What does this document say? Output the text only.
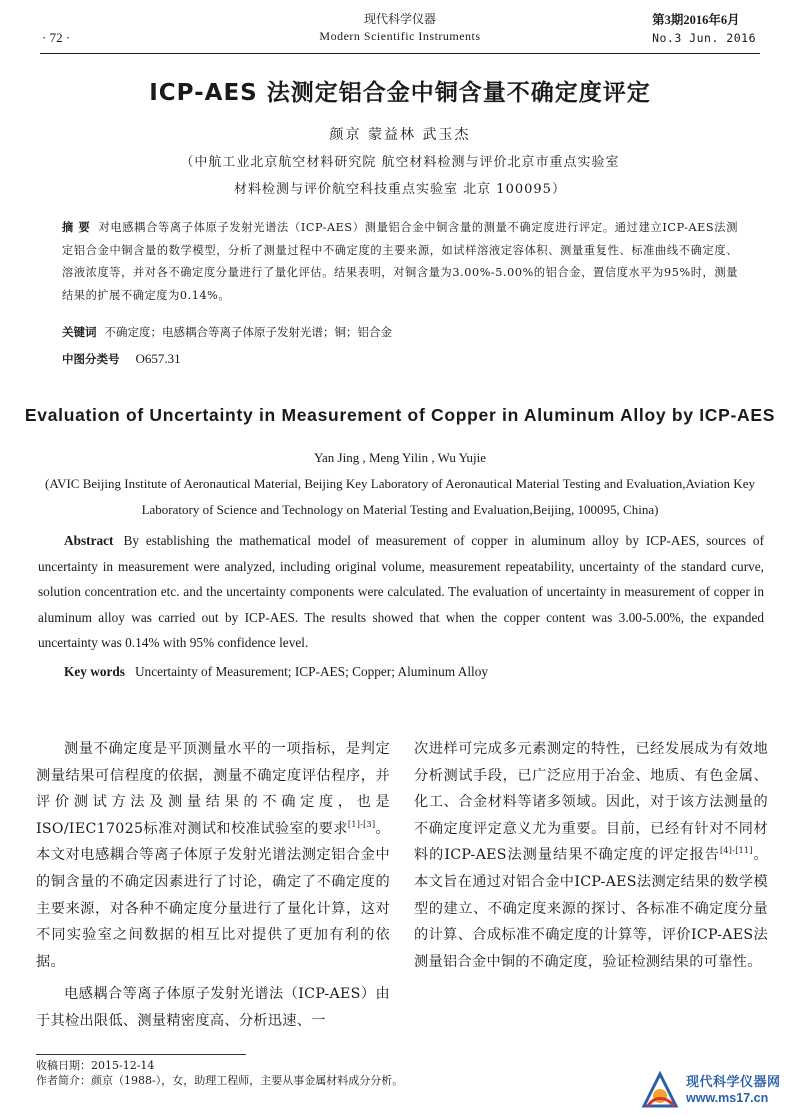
· 72 ·
现代科学仪器
Modern Scientific Instruments
第3期2016年6月
No.3 Jun. 2016
ICP-AES 法测定铝合金中铜含量不确定度评定
颜京 蒙益林 武玉杰
（中航工业北京航空材料研究院 航空材料检测与评价北京市重点实验室
材料检测与评价航空科技重点实验室 北京 100095）
摘 要 对电感耦合等离子体原子发射光谱法（ICP-AES）测量铝合金中铜含量的测量不确定度进行评定。通过建立ICP-AES法测定铝合金中铜含量的数学模型，分析了测量过程中不确定度的主要来源，如试样溶液定容体积、测量重复性、标准曲线不确定度、溶液浓度等，并对各不确定度分量进行了量化评估。结果表明，对铜含量为3.00%-5.00%的铝合金，置信度水平为95%时，测量结果的扩展不确定度为0.14%。
关键词 不确定度；电感耦合等离子体原子发射光谱；铜；铝合金
中图分类号 O657.31
Evaluation of Uncertainty in Measurement of Copper in Aluminum Alloy by ICP-AES
Yan Jing , Meng Yilin , Wu Yujie
(AVIC Beijing Institute of Aeronautical Material, Beijing Key Laboratory of Aeronautical Material Testing and Evaluation,Aviation Key
Laboratory of Science and Technology on Material Testing and Evaluation,Beijing, 100095, China)
Abstract By establishing the mathematical model of measurement of copper in aluminum alloy by ICP-AES, sources of uncertainty in measurement were analyzed, including original volume, measurement repeatability, uncertainty of the standard curve, solution concentration etc. and the uncertainty components were calculated. The evaluation of uncertainty in measurement of copper in aluminum alloy was carried out by ICP-AES. The results showed that when the copper content was 3.00-5.00%, the expanded uncertainty was 0.14% with 95% confidence level.
Key words Uncertainty of Measurement; ICP-AES; Copper; Aluminum Alloy

测量不确定度是平顶测量水平的一项指标，是判定测量结果可信程度的依据，测量不确定度评估程序，并评价测试方法及测量结果的不确定度，也是ISO/IEC17025标准对测试和校准试验室的要求[1]-[3]。本文对电感耦合等离子体原子发射光谱法测定铝合金中的铜含量的不确定因素进行了讨论，确定了不确定度的主要来源，对各种不确定度分量进行了量化计算，这对不同实验室之间数据的相互比对提供了更加有利的依据。

电感耦合等离子体原子发射光谱法（ICP-AES）由于其检出限低、测量精密度高、分析迅速、一

次进样可完成多元素测定的特性，已经发展成为有效地分析测试手段，已广泛应用于冶金、地质、有色金属、化工、合金材料等诸多领域。因此，对于该方法测量的不确定度评定意义尤为重要。目前，已经有针对不同材料的ICP-AES法测量结果不确定度的评定报告[4]-[11]。本文旨在通过对铝合金中ICP-AES法测定结果的数学模型的建立、不确定度来源的探讨、各标准不确定度分量的计算、合成标准不确定度的计算等，评价ICP-AES法测量铝合金中铜的不确定度，验证检测结果的可靠性。

收稿日期：2015-12-14
作者简介：颜京（1988-），女，助理工程师，主要从事金属材料成分分析。	现代科学仪器网
www.ms17.cn
